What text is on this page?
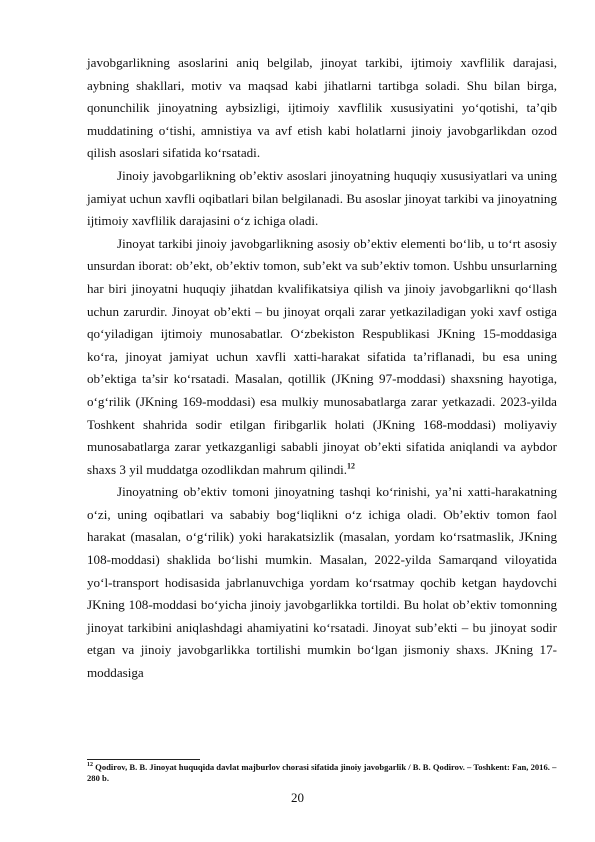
javobgarlikning asoslarini aniq belgilab, jinoyat tarkibi, ijtimoiy xavflilik darajasi, aybning shakllari, motiv va maqsad kabi jihatlarni tartibga soladi. Shu bilan birga, qonunchilik jinoyatning aybsizligi, ijtimoiy xavflilik xususiyatini yo‘qotishi, ta’qib muddatining o‘tishi, amnistiya va avf etish kabi holatlarni jinoiy javobgarlikdan ozod qilish asoslari sifatida ko‘rsatadi.

Jinoiy javobgarlikning ob’ektiv asoslari jinoyatning huquqiy xususiyatlari va uning jamiyat uchun xavfli oqibatlari bilan belgilanadi. Bu asoslar jinoyat tarkibi va jinoyatning ijtimoiy xavflilik darajasini o‘z ichiga oladi.

Jinoyat tarkibi jinoiy javobgarlikning asosiy ob’ektiv elementi bo‘lib, u to‘rt asosiy unsurdan iborat: ob’ekt, ob’ektiv tomon, sub’ekt va sub’ektiv tomon. Ushbu unsurlarning har biri jinoyatni huquqiy jihatdan kvalifikatsiya qilish va jinoiy javobgarlikni qo‘llash uchun zarurdir. Jinoyat ob’ekti – bu jinoyat orqali zarar yetkaziladigan yoki xavf ostiga qo‘yiladigan ijtimoiy munosabatlar. O‘zbekiston Respublikasi JKning 15-moddasiga ko‘ra, jinoyat jamiyat uchun xavfli xatti-harakat sifatida ta’riflanadi, bu esa uning ob’ektiga ta’sir ko‘rsatadi. Masalan, qotillik (JKning 97-moddasi) shaxsning hayotiga, o‘g‘rilik (JKning 169-moddasi) esa mulkiy munosabatlarga zarar yetkazadi. 2023-yilda Toshkent shahrida sodir etilgan firibgarlik holati (JKning 168-moddasi) moliyaviy munosabatlarga zarar yetkazganligi sababli jinoyat ob’ekti sifatida aniqlandi va aybdor shaxs 3 yil muddatga ozodlikdan mahrum qilindi.$^{12}$

Jinoyatning ob’ektiv tomoni jinoyatning tashqi ko‘rinishi, ya’ni xatti-harakatning o‘zi, uning oqibatlari va sababiy bog‘liqlikni o‘z ichiga oladi. Ob’ektiv tomon faol harakat (masalan, o‘g‘rilik) yoki harakatsizlik (masalan, yordam ko‘rsatmaslik, JKning 108-moddasi) shaklida bo‘lishi mumkin. Masalan, 2022-yilda Samarqand viloyatida yo‘l-transport hodisasida jabrlanuvchiga yordam ko‘rsatmay qochib ketgan haydovchi JKning 108-moddasi bo‘yicha jinoiy javobgarlikka tortildi. Bu holat ob’ektiv tomonning jinoyat tarkibini aniqlashdagi ahamiyatini ko‘rsatadi. Jinoyat sub’ekti – bu jinoyat sodir etgan va jinoiy javobgarlikka tortilishi mumkin bo‘lgan jismoniy shaxs. JKning 17-moddasiga

$^{12}$ Qodirov, B. B. Jinoyat huquqida davlat majburlov chorasi sifatida jinoiy javobgarlik / B. B. Qodirov. – Toshkent: Fan, 2016. – 280 b.
20
